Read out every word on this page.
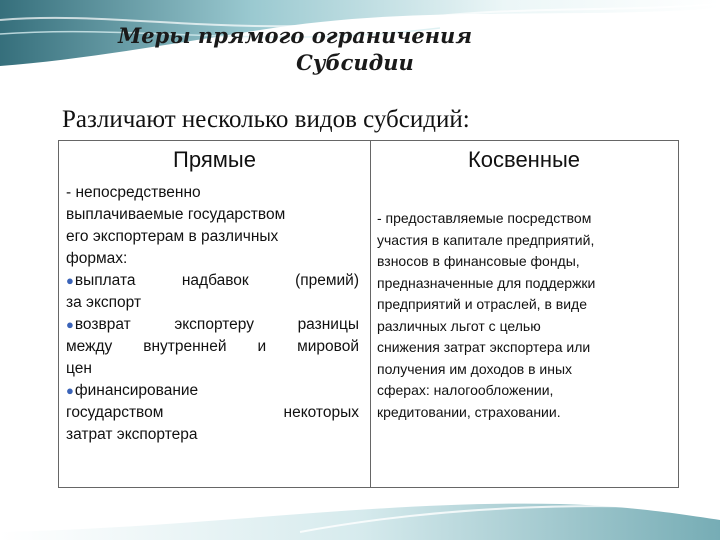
Меры прямого ограничения
Субсидии
Различают несколько видов субсидий:
Прямые
- непосредственно
выплачиваемые государством
его экспортерам в различных
формах:
●выплата	надбавок	(премий)
за экспорт
●возврат	экспортеру	разницы
между внутренней и мировой
цен
●финансирование
государством	некоторых
затрат экспортера
Косвенные
- предоставляемые посредством
участия в капитале предприятий,
взносов в финансовые фонды,
предназначенные для поддержки
предприятий и отраслей, в виде
различных льгот с целью
снижения затрат экспортера или
получения им доходов в иных
сферах: налогообложении,
кредитовании, страховании.
